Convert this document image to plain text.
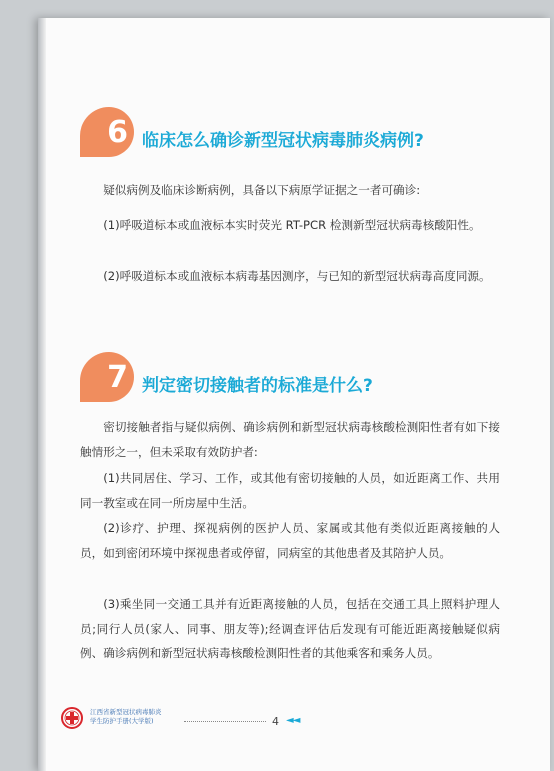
6 临床怎么确诊新型冠状病毒肺炎病例?

疑似病例及临床诊断病例，具备以下病原学证据之一者可确诊:

(1)呼吸道标本或血液标本实时荧光 RT-PCR 检测新型冠状病毒核酸阳性。

(2)呼吸道标本或血液标本病毒基因测序，与已知的新型冠状病毒高度同源。

7 判定密切接触者的标准是什么?

密切接触者指与疑似病例、确诊病例和新型冠状病毒核酸检测阳性者有如下接触情形之一，但未采取有效防护者:

(1)共同居住、学习、工作，或其他有密切接触的人员，如近距离工作、共用同一教室或在同一所房屋中生活。

(2)诊疗、护理、探视病例的医护人员、家属或其他有类似近距离接触的人员，如到密闭环境中探视患者或停留，同病室的其他患者及其陪护人员。

(3)乘坐同一交通工具并有近距离接触的人员，包括在交通工具上照料护理人员;同行人员(家人、同事、朋友等);经调查评估后发现有可能近距离接触疑似病例、确诊病例和新型冠状病毒核酸检测阳性者的其他乘客和乘务人员。

江西省新型冠状病毒肺炎
学生防护手册(大学版)	4 ◄◄
